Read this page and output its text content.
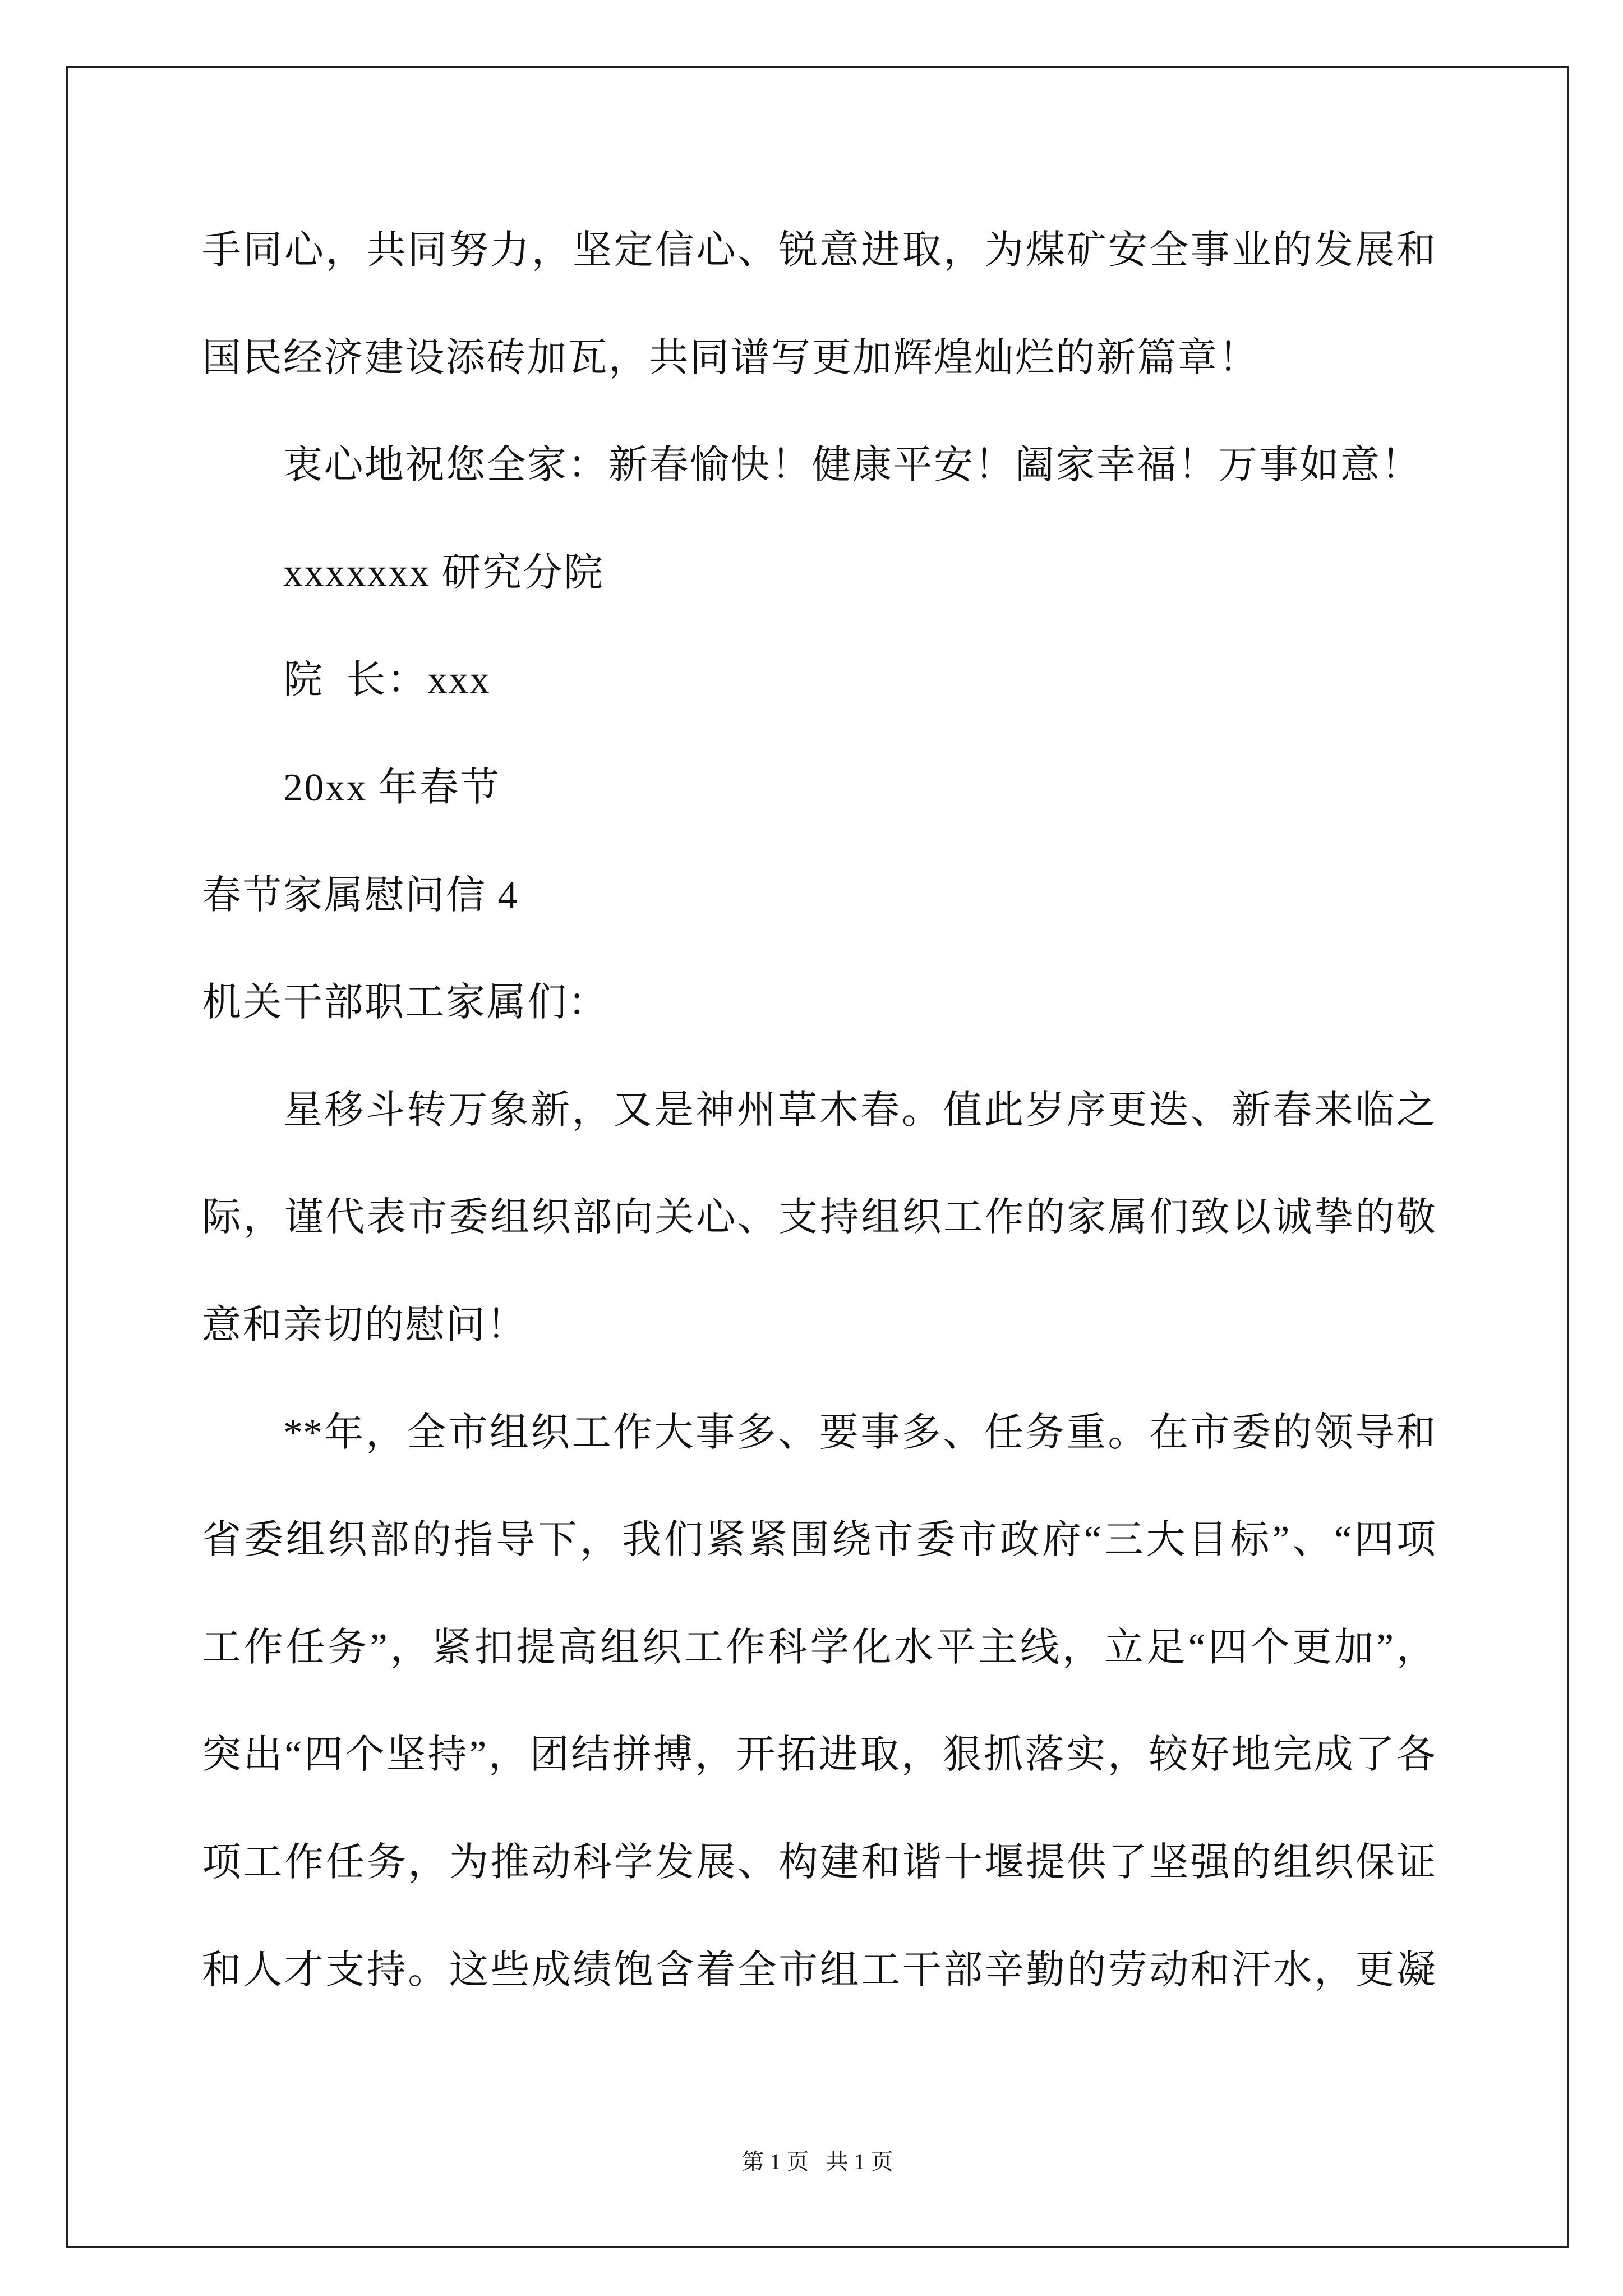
手同心，共同努力，坚定信心、锐意进取，为煤矿安全事业的发展和
国民经济建设添砖加瓦，共同谱写更加辉煌灿烂的新篇章！
衷心地祝您全家：新春愉快！健康平安！阖家幸福！万事如意！
xxxxxxx 研究分院
院  长：xxx
20xx 年春节
春节家属慰问信 4
机关干部职工家属们：
星移斗转万象新，又是神州草木春。值此岁序更迭、新春来临之
际，谨代表市委组织部向关心、支持组织工作的家属们致以诚挚的敬
意和亲切的慰问！
**年，全市组织工作大事多、要事多、任务重。在市委的领导和
省委组织部的指导下，我们紧紧围绕市委市政府“三大目标”、“四项
工作任务”，紧扣提高组织工作科学化水平主线，立足“四个更加”，
突出“四个坚持”，团结拼搏，开拓进取，狠抓落实，较好地完成了各
项工作任务，为推动科学发展、构建和谐十堰提供了坚强的组织保证
和人才支持。这些成绩饱含着全市组工干部辛勤的劳动和汗水，更凝
第 1 页   共 1 页
